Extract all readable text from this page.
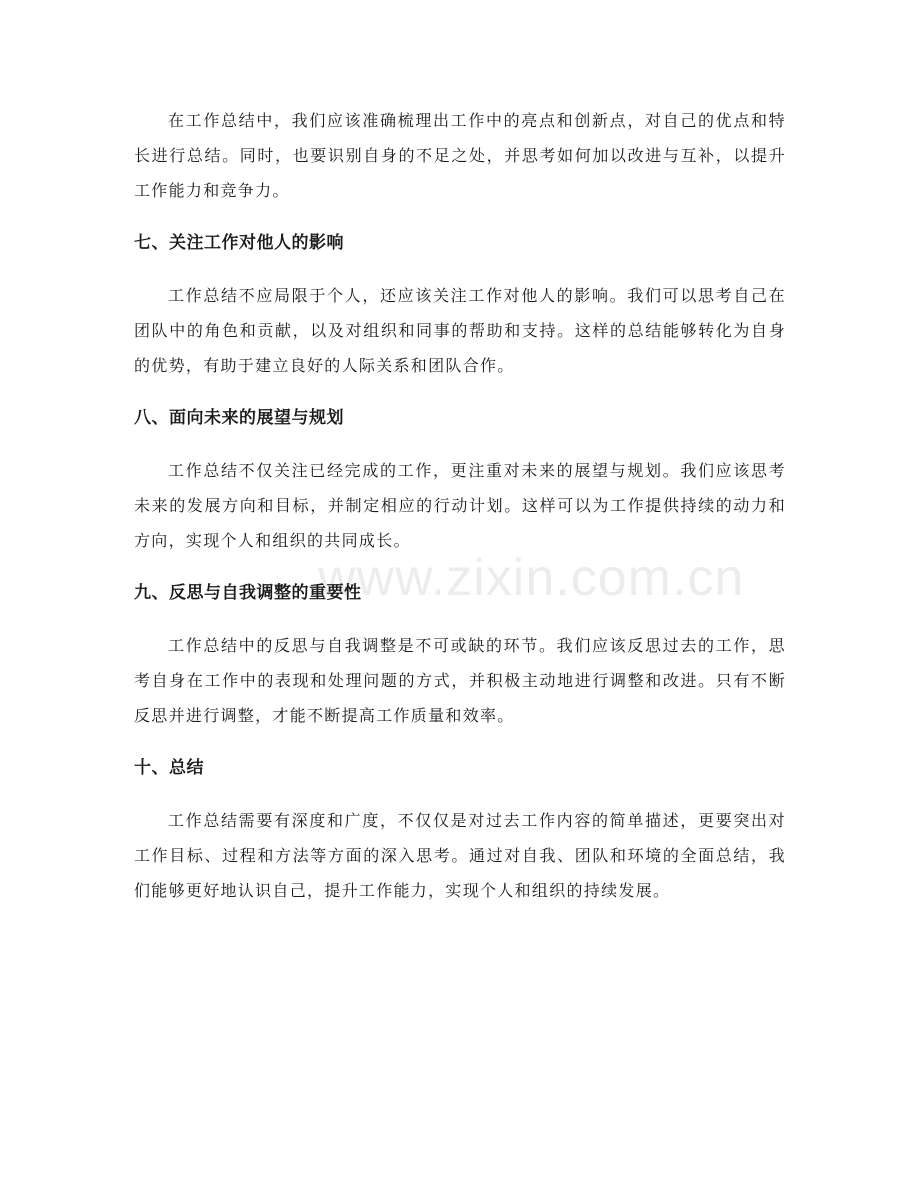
在工作总结中，我们应该准确梳理出工作中的亮点和创新点，对自己的优点和特长进行总结。同时，也要识别自身的不足之处，并思考如何加以改进与互补，以提升工作能力和竞争力。

七、关注工作对他人的影响

工作总结不应局限于个人，还应该关注工作对他人的影响。我们可以思考自己在团队中的角色和贡献，以及对组织和同事的帮助和支持。这样的总结能够转化为自身的优势，有助于建立良好的人际关系和团队合作。

八、面向未来的展望与规划

工作总结不仅关注已经完成的工作，更注重对未来的展望与规划。我们应该思考未来的发展方向和目标，并制定相应的行动计划。这样可以为工作提供持续的动力和方向，实现个人和组织的共同成长。

九、反思与自我调整的重要性

工作总结中的反思与自我调整是不可或缺的环节。我们应该反思过去的工作，思考自身在工作中的表现和处理问题的方式，并积极主动地进行调整和改进。只有不断反思并进行调整，才能不断提高工作质量和效率。

十、总结

工作总结需要有深度和广度，不仅仅是对过去工作内容的简单描述，更要突出对工作目标、过程和方法等方面的深入思考。通过对自我、团队和环境的全面总结，我们能够更好地认识自己，提升工作能力，实现个人和组织的持续发展。

www.zixin.com.cn
